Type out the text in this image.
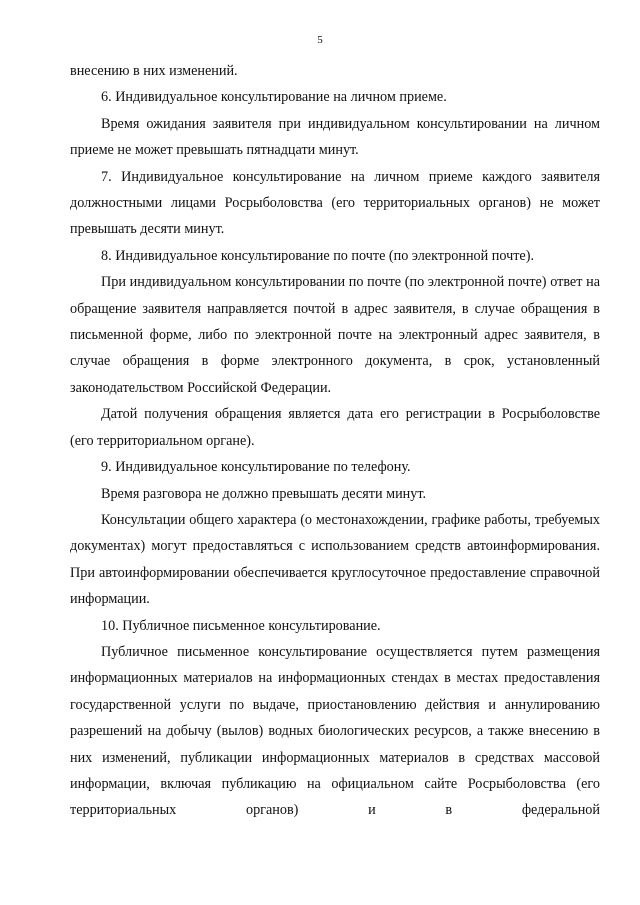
5

внесению в них изменений.

6. Индивидуальное консультирование на личном приеме.

Время ожидания заявителя при индивидуальном консультировании на личном приеме не может превышать пятнадцати минут.

7. Индивидуальное консультирование на личном приеме каждого заявителя должностными лицами Росрыболовства (его территориальных органов) не может превышать десяти минут.

8. Индивидуальное консультирование по почте (по электронной почте).

При индивидуальном консультировании по почте (по электронной почте) ответ на обращение заявителя направляется почтой в адрес заявителя, в случае обращения в письменной форме, либо по электронной почте на электронный адрес заявителя, в случае обращения в форме электронного документа, в срок, установленный законодательством Российской Федерации.

Датой получения обращения является дата его регистрации в Росрыболовстве (его территориальном органе).

9. Индивидуальное консультирование по телефону.

Время разговора не должно превышать десяти минут.

Консультации общего характера (о местонахождении, графике работы, требуемых документах) могут предоставляться с использованием средств автоинформирования. При автоинформировании обеспечивается круглосуточное предоставление справочной информации.

10. Публичное письменное консультирование.

Публичное письменное консультирование осуществляется путем размещения информационных материалов на информационных стендах в местах предоставления государственной услуги по выдаче, приостановлению действия и аннулированию разрешений на добычу (вылов) водных биологических ресурсов, а также внесению в них изменений, публикации информационных материалов в средствах массовой информации, включая публикацию на официальном сайте Росрыболовства (его территориальных органов) и в федеральной
